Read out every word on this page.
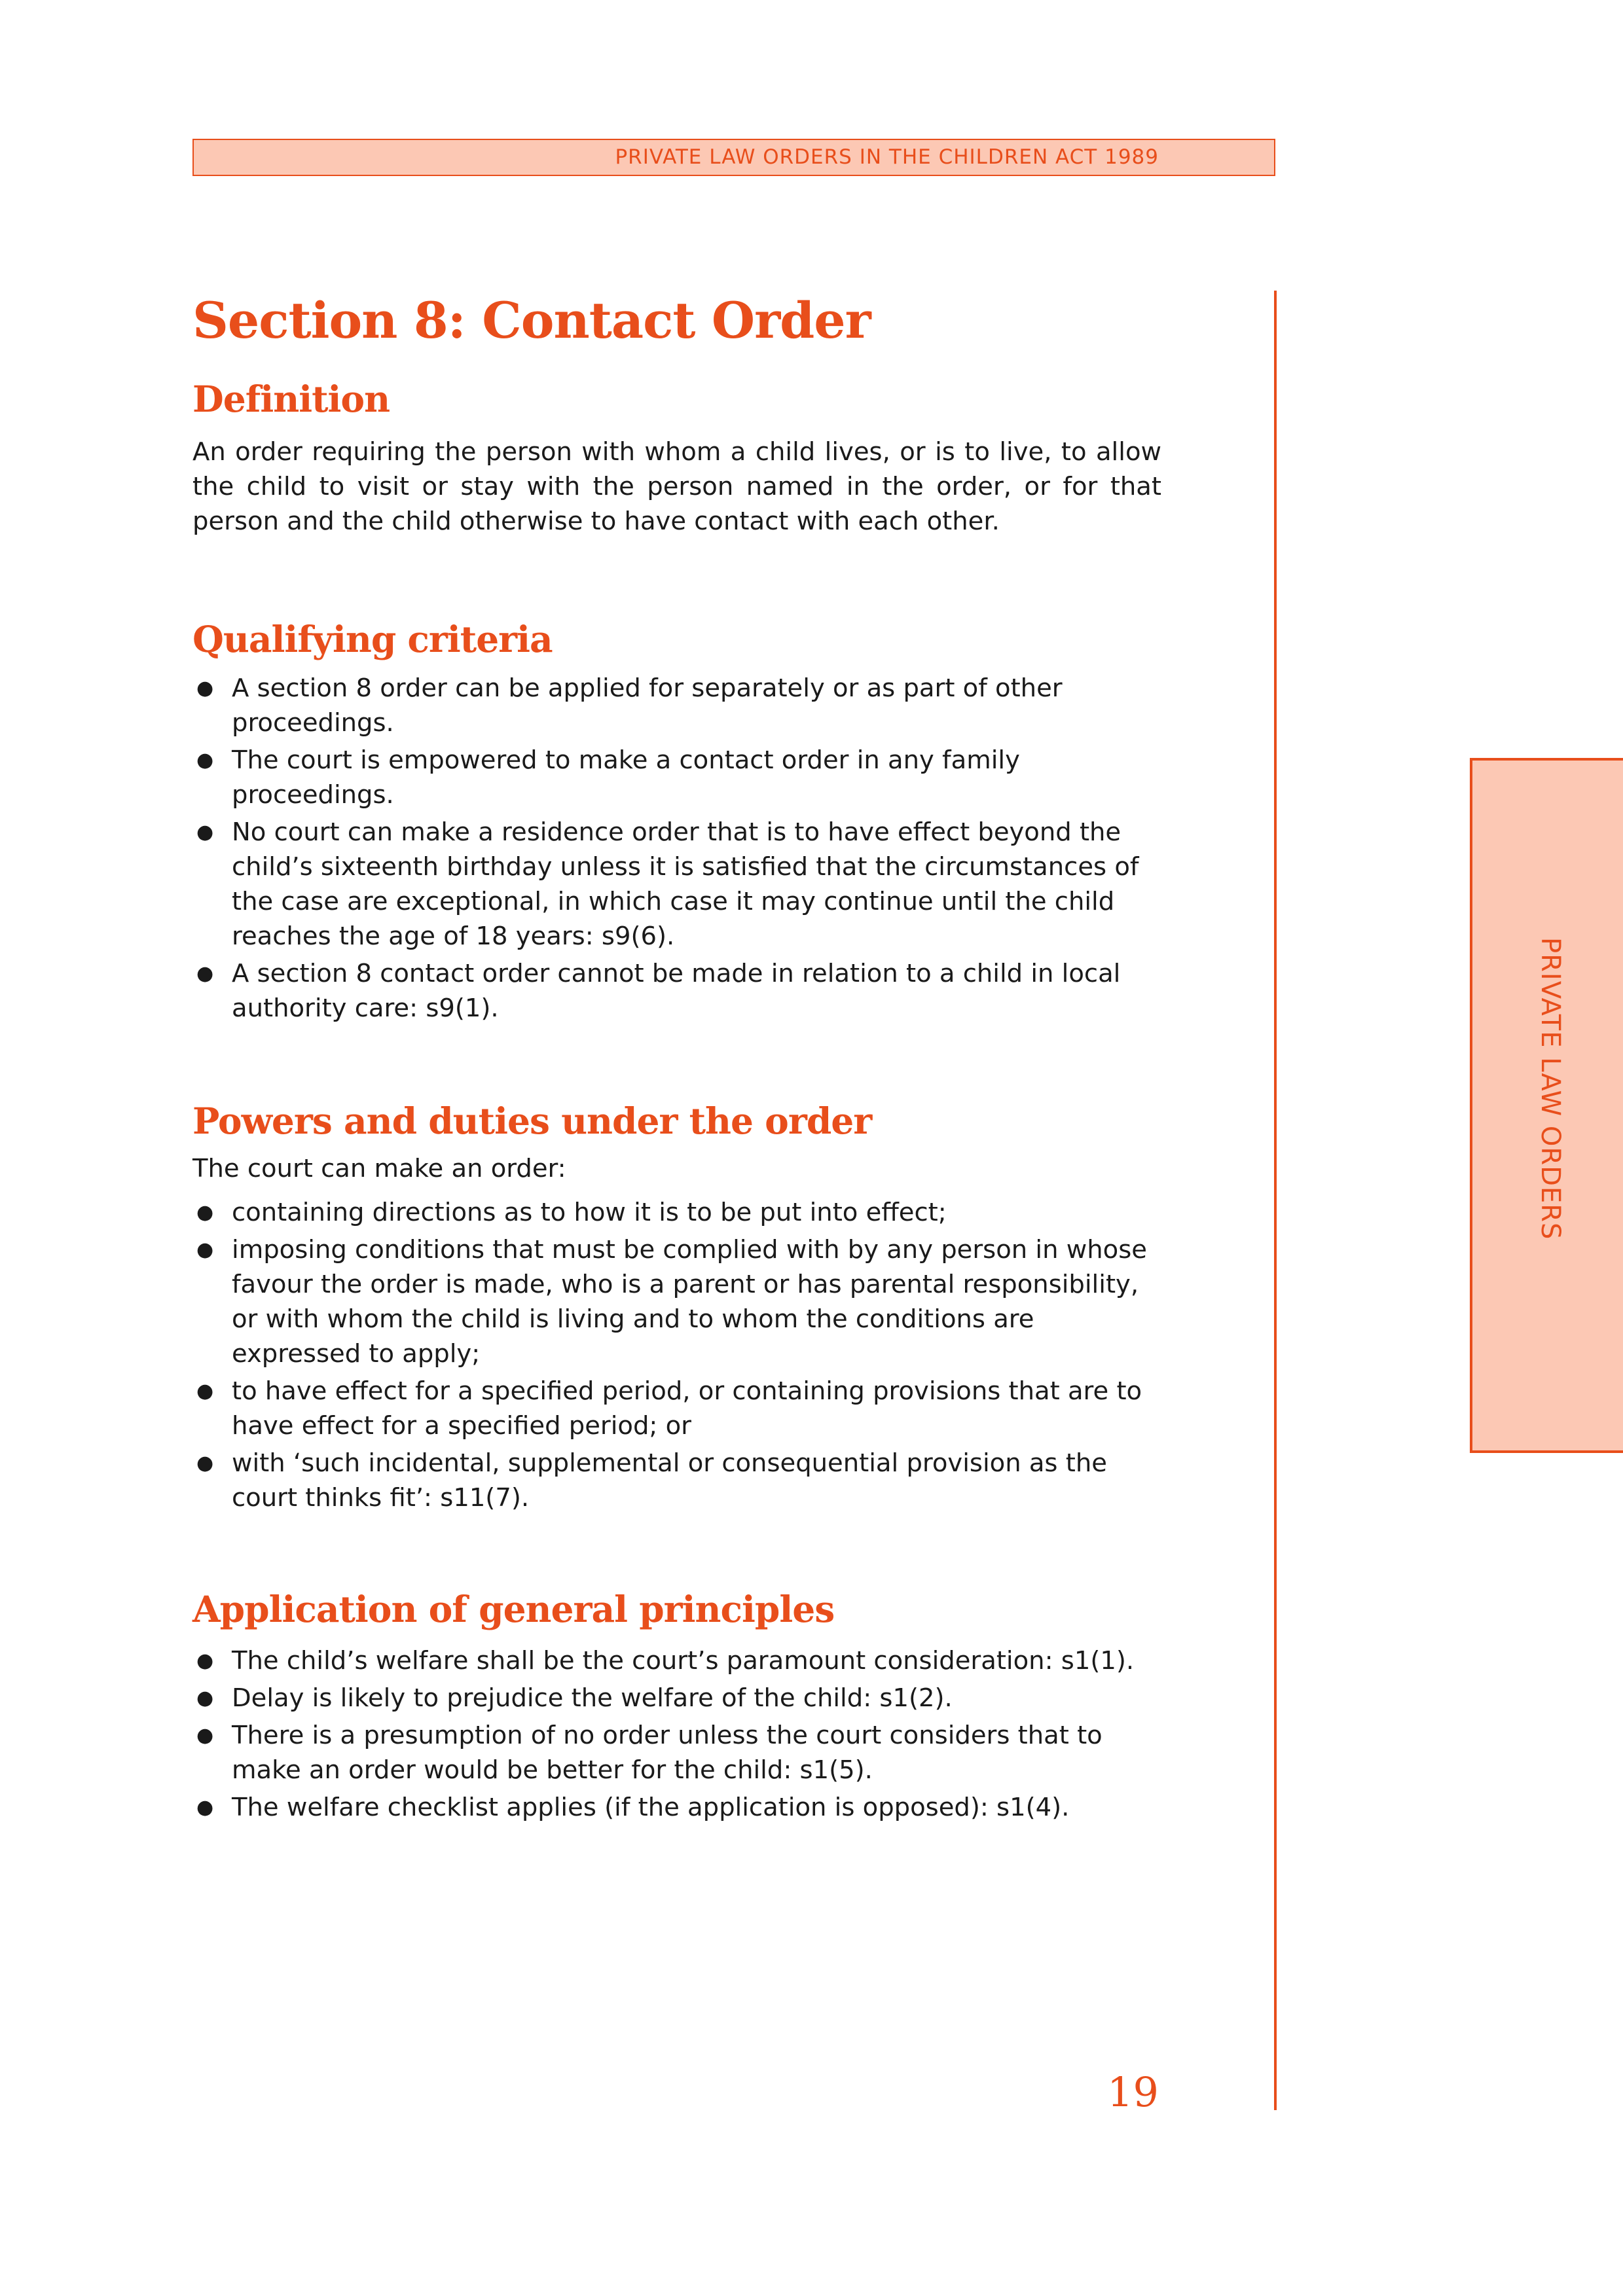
PRIVATE LAW ORDERS IN THE CHILDREN ACT 1989
PRIVATE LAW ORDERS
Section 8: Contact Order
Definition

An order requiring the person with whom a child lives, or is to live, to allow the child to visit or stay with the person named in the order, or for that person and the child otherwise to have contact with each other.

Qualifying criteria
● A section 8 order can be applied for separately or as part of other proceedings.
● The court is empowered to make a contact order in any family proceedings.
● No court can make a residence order that is to have effect beyond the child’s sixteenth birthday unless it is satisfied that the circumstances of the case are exceptional, in which case it may continue until the child reaches the age of 18 years: s9(6).
● A section 8 contact order cannot be made in relation to a child in local authority care: s9(1).
Powers and duties under the order

The court can make an order:

● containing directions as to how it is to be put into effect;
● imposing conditions that must be complied with by any person in whose favour the order is made, who is a parent or has parental responsibility, or with whom the child is living and to whom the conditions are expressed to apply;
● to have effect for a specified period, or containing provisions that are to have effect for a specified period; or
● with ‘such incidental, supplemental or consequential provision as the court thinks fit’: s11(7).
Application of general principles
● The child’s welfare shall be the court’s paramount consideration: s1(1).
● Delay is likely to prejudice the welfare of the child: s1(2).
● There is a presumption of no order unless the court considers that to make an order would be better for the child: s1(5).
● The welfare checklist applies (if the application is opposed): s1(4).
19
